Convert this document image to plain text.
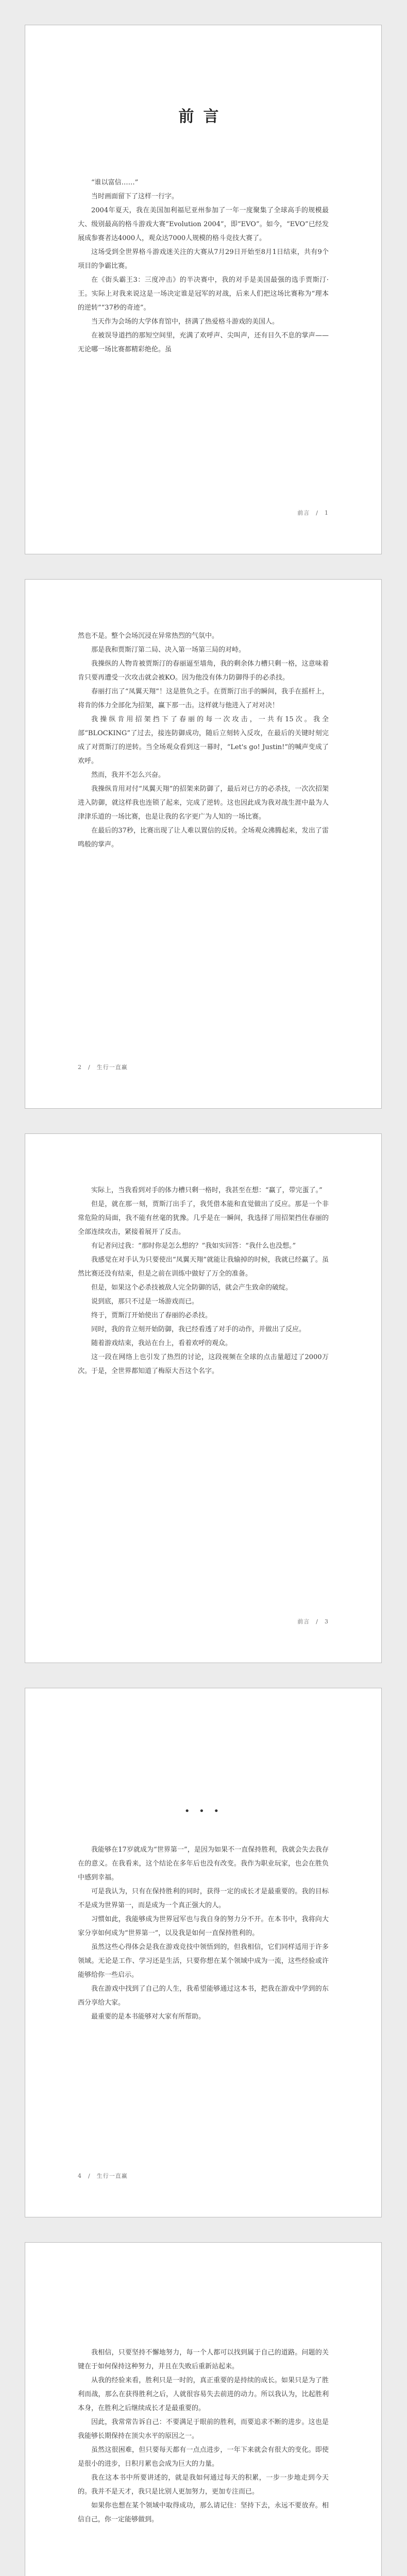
前言

“谁以富信……”

当时画面留下了这样一行字。

2004年夏天，我在美国加利福尼亚州参加了一年一度聚集了全球高手的规模最大、级别最高的格斗游戏大赛“Evolution 2004”，即“EVO”。如今，“EVO”已经发展成参赛者达4000人，观众达7000人规模的格斗竞技大赛了。

这场受到全世界格斗游戏迷关注的大赛从7月29日开始至8月1日结束，共有9个项目的争霸比赛。

在《街头霸王3：三度冲击》的半决赛中，我的对手是美国最强的选手贾斯汀·王。实际上对我来说这是一场决定谁是冠军的对战，后来人们把这场比赛称为“理本的逆转”“37秒的奇迹”。

当天作为会场的大学体育馆中，挤满了热爱格斗游戏的美国人。

在被误导道挡的那短空间里，充满了欢呼声、尖叫声，还有目久不息的掌声——无论哪一场比赛都精彩绝伦。虽

前言　/　1

然也不是。整个会场沉浸在异常热烈的气氛中。

那是我和贾斯汀第二局、决入第一场第三局的对峙。

我操纵的人物肯被贾斯汀的春丽逼至墙角，我的剩余体力槽只剩一格，这意味着肯只要再遭受一次攻击就会被KO。因为他没有体力防御得手的必杀技。

春丽打出了“凤翼天翔”！这是胜负之手。在贾斯汀出手的瞬间，我手在摇杆上，将肯的体力全部化为招架，赢下那一击。这样就与他进入了对对决！

我操纵肯用招架挡下了春丽的每一次攻击，一共有15次。我全部“BLOCKING”了过去，接连防御成功，随后立刻转入反攻，在最后的关键时刻完成了对贾斯汀的逆转。当全场观众看到这一幕时，“Let's go! Justin!”的喊声变成了欢呼。

然而，我并不怎么兴奋。

我操纵肯用对付“凤翼天翔”的招架来防御了，最后对已方的必杀技，一次次招架进入防御，就这样我也连锁了起来，完成了逆转。这也因此成为我对战生涯中最为人津津乐道的一场比赛，也是让我的名字更广为人知的一场比赛。

在最后的37秒，比赛出现了让人难以置信的反转。全场观众沸腾起来，发出了雷鸣般的掌声。

2　/　生行一直赢

实际上，当我看到对手的体力槽只剩一格时，我甚至在想：“赢了，带完蛋了。”

但是，就在那一刻，贾斯汀出手了，我凭借本能和直觉做出了反应。那是一个非常危险的局面，我不能有丝毫的犹豫。几乎是在一瞬间，我选择了用招架挡住春丽的全部连续攻击，紧接着展开了反击。

有记者问过我：“那时你是怎么想的？”我如实回答：“我什么也没想。”

我感觉在对手认为只要使出“凤翼天翔”就能让我输掉的时候，我就已经赢了。虽然比赛还没有结束，但是之前在训练中做好了万全的准备。

但是，如果这个必杀技被敌人完全防御的话，就会产生致命的破绽。

说到底，那只不过是一场游戏而已。

终于，贾斯汀开始使出了春丽的必杀技。

同时，我的肯立刻开始防御，我已经看透了对手的动作，并做出了反应。

随着游戏结束，我站在台上，看着欢呼的观众。

这一段在网络上也引发了热烈的讨论，这段视频在全球的点击量超过了2000万次。于是，全世界都知道了梅原大吾这个名字。

前言　/　3
• • •

我能够在17岁就成为“世界第一”，是因为如果不一直保持胜利，我就会失去我存在的意义。在我看来，这个结论在多年后也没有改变。我作为职业玩家，也会在胜负中感到幸福。

可是我认为，只有在保持胜利的同时，获得一定的成长才是最重要的。我的目标不是成为世界第一，而是成为一个真正强大的人。

习惯如此，我能够成为世界冠军也与我自身的努力分不开。在本书中，我将向大家分享如何成为“世界第一”，以及我是如何一直保持胜利的。

虽然这些心得体会是我在游戏竞技中领悟到的，但我相信，它们同样适用于许多领域。无论是工作、学习还是生活，只要你想在某个领域中成为一流，这些经验或许能够给你一些启示。

我在游戏中找到了自己的人生，我希望能够通过这本书，把我在游戏中学到的东西分享给大家。

最重要的是本书能够对大家有所帮助。

4　/　生行一直赢

我相信，只要坚持不懈地努力，每一个人都可以找到属于自己的道路。问题的关键在于如何保持这种努力，并且在失败后重新站起来。

从我的经验来看，胜利只是一时的，真正重要的是持续的成长。如果只是为了胜利而战，那么在获得胜利之后，人就很容易失去前进的动力。所以我认为，比起胜利本身，在胜利之后继续成长才是最重要的。

因此，我常常告诉自己：不要满足于眼前的胜利，而要追求不断的进步。这也是我能够长期保持在顶尖水平的原因之一。

虽然这很困难，但只要每天都有一点点进步，一年下来就会有很大的变化。即使是很小的进步，日积月累也会成为巨大的力量。

我在这本书中所要讲述的，就是我如何通过每天的积累，一步一步地走到今天的。我并不是天才，我只是比别人更加努力，更加专注而已。

如果你也想在某个领域中取得成功，那么请记住：坚持下去，永远不要放弃。相信自己，你一定能够做到。
